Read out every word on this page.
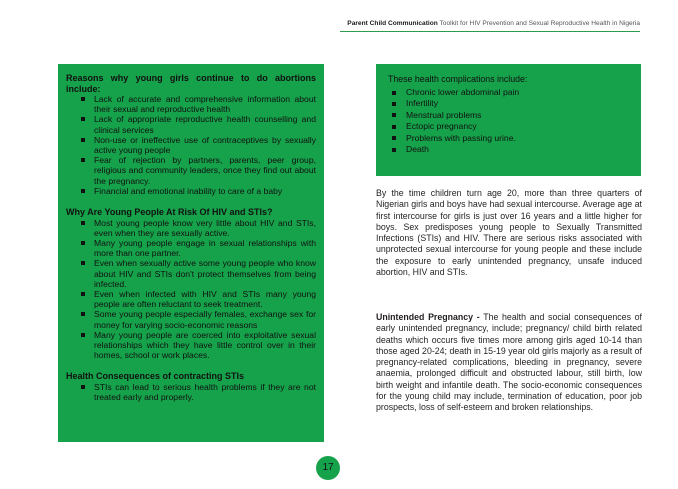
Parent Child Communication Toolkit for HIV Prevention and Sexual Reproductive Health in Nigeria
Reasons why young girls continue to do abortions include:
Lack of accurate and comprehensive information about their sexual and reproductive health
Lack of appropriate reproductive health counselling and clinical services
Non-use or ineffective use of contraceptives by sexually active young people
Fear of rejection by partners, parents, peer group, religious and community leaders, once they find out about the pregnancy.
Financial and emotional inability to care of a baby
Why Are Young People At Risk Of HIV and STIs?
Most young people know very little about HIV and STIs, even when they are sexually active.
Many young people engage in sexual relationships with more than one partner.
Even when sexually active some young people who know about HIV and STIs don't protect themselves from being infected.
Even when infected with HIV and STIs many young people are often reluctant to seek treatment.
Some young people especially females, exchange sex for money for varying socio-economic reasons
Many young people are coerced into exploitative sexual relationships which they have little control over in their homes, school or work places.
Health Consequences of contracting STIs
STIs can lead to serious health problems if they are not treated early and properly.
These health complications include:
Chronic lower abdominal pain
Infertility
Menstrual problems
Ectopic pregnancy
Problems with passing urine.
Death

By the time children turn age 20, more than three quarters of Nigerian girls and boys have had sexual intercourse. Average age at first intercourse for girls is just over 16 years and a little higher for boys. Sex predisposes young people to Sexually Transmitted Infections (STIs) and HIV. There are serious risks associated with unprotected sexual intercourse for young people and these include the exposure to early unintended pregnancy, unsafe induced abortion, HIV and STIs.

Unintended Pregnancy - The health and social consequences of early unintended pregnancy, include; pregnancy/ child birth related deaths which occurs five times more among girls aged 10-14 than those aged 20-24; death in 15-19 year old girls majorly as a result of pregnancy-related complications, bleeding in pregnancy, severe anaemia, prolonged difficult and obstructed labour, still birth, low birth weight and infantile death. The socio-economic consequences for the young child may include, termination of education, poor job prospects, loss of self-esteem and broken relationships.

17
